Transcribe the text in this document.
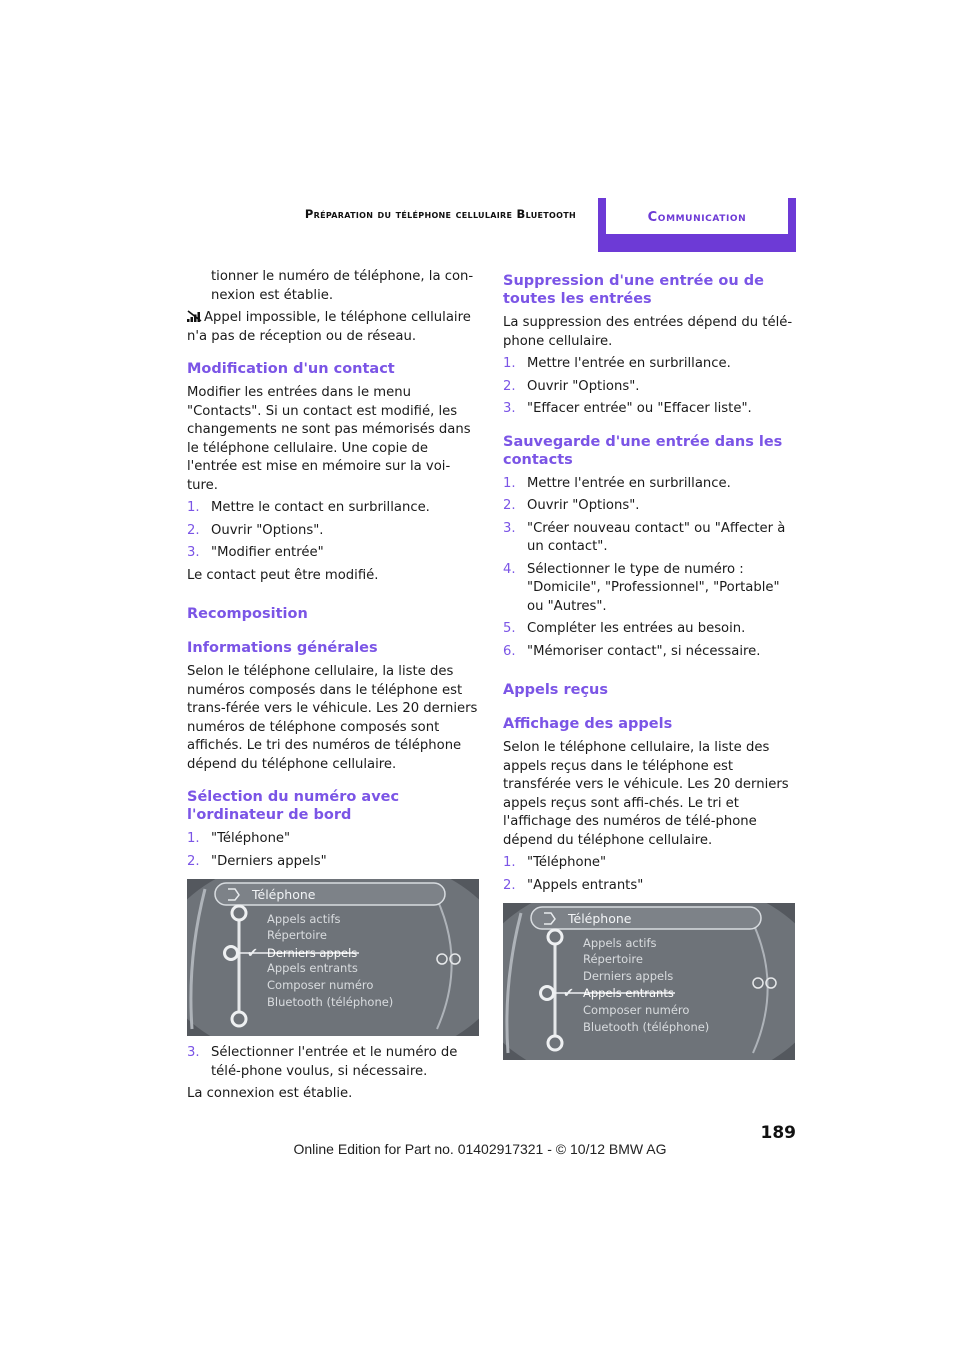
Préparation du téléphone cellulaire Bluetooth	Communication

tionner le numéro de téléphone, la con-nexion est établie.

Appel impossible, le téléphone cellulaire n'a pas de réception ou de réseau.

Modification d'un contact

Modifier les entrées dans le menu "Contacts". Si un contact est modifié, les changements ne sont pas mémorisés dans le téléphone cellulaire. Une copie de l'entrée est mise en mémoire sur la voi-ture.

1. Mettre le contact en surbrillance.
2. Ouvrir "Options".
3. "Modifier entrée"

Le contact peut être modifié.

Recomposition
Informations générales

Selon le téléphone cellulaire, la liste des numéros composés dans le téléphone est trans-férée vers le véhicule. Les 20 derniers numéros de téléphone composés sont affichés. Le tri des numéros de téléphone dépend du téléphone cellulaire.

Sélection du numéro avec l'ordinateur de bord
1. "Téléphone"
2. "Derniers appels"
Téléphone
✔
Appels actifs
Répertoire
Derniers appels
Appels entrants
Composer numéro
Bluetooth (téléphone)
3. Sélectionner l'entrée et le numéro de télé-phone voulus, si nécessaire.

La connexion est établie.

Suppression d'une entrée ou de toutes les entrées

La suppression des entrées dépend du télé-phone cellulaire.

1. Mettre l'entrée en surbrillance.
2. Ouvrir "Options".
3. "Effacer entrée" ou "Effacer liste".
Sauvegarde d'une entrée dans les contacts
1. Mettre l'entrée en surbrillance.
2. Ouvrir "Options".
3. "Créer nouveau contact" ou "Affecter à un contact".
4. Sélectionner le type de numéro : "Domicile", "Professionnel", "Portable" ou "Autres".
5. Compléter les entrées au besoin.
6. "Mémoriser contact", si nécessaire.
Appels reçus
Affichage des appels

Selon le téléphone cellulaire, la liste des appels reçus dans le téléphone est transférée vers le véhicule. Les 20 derniers appels reçus sont affi-chés. Le tri et l'affichage des numéros de télé-phone dépend du téléphone cellulaire.

1. "Téléphone"
2. "Appels entrants"
Téléphone
✔
Appels actifs
Répertoire
Derniers appels
Appels entrants
Composer numéro
Bluetooth (téléphone)
189
Online Edition for Part no. 01402917321 - © 10/12 BMW AG
